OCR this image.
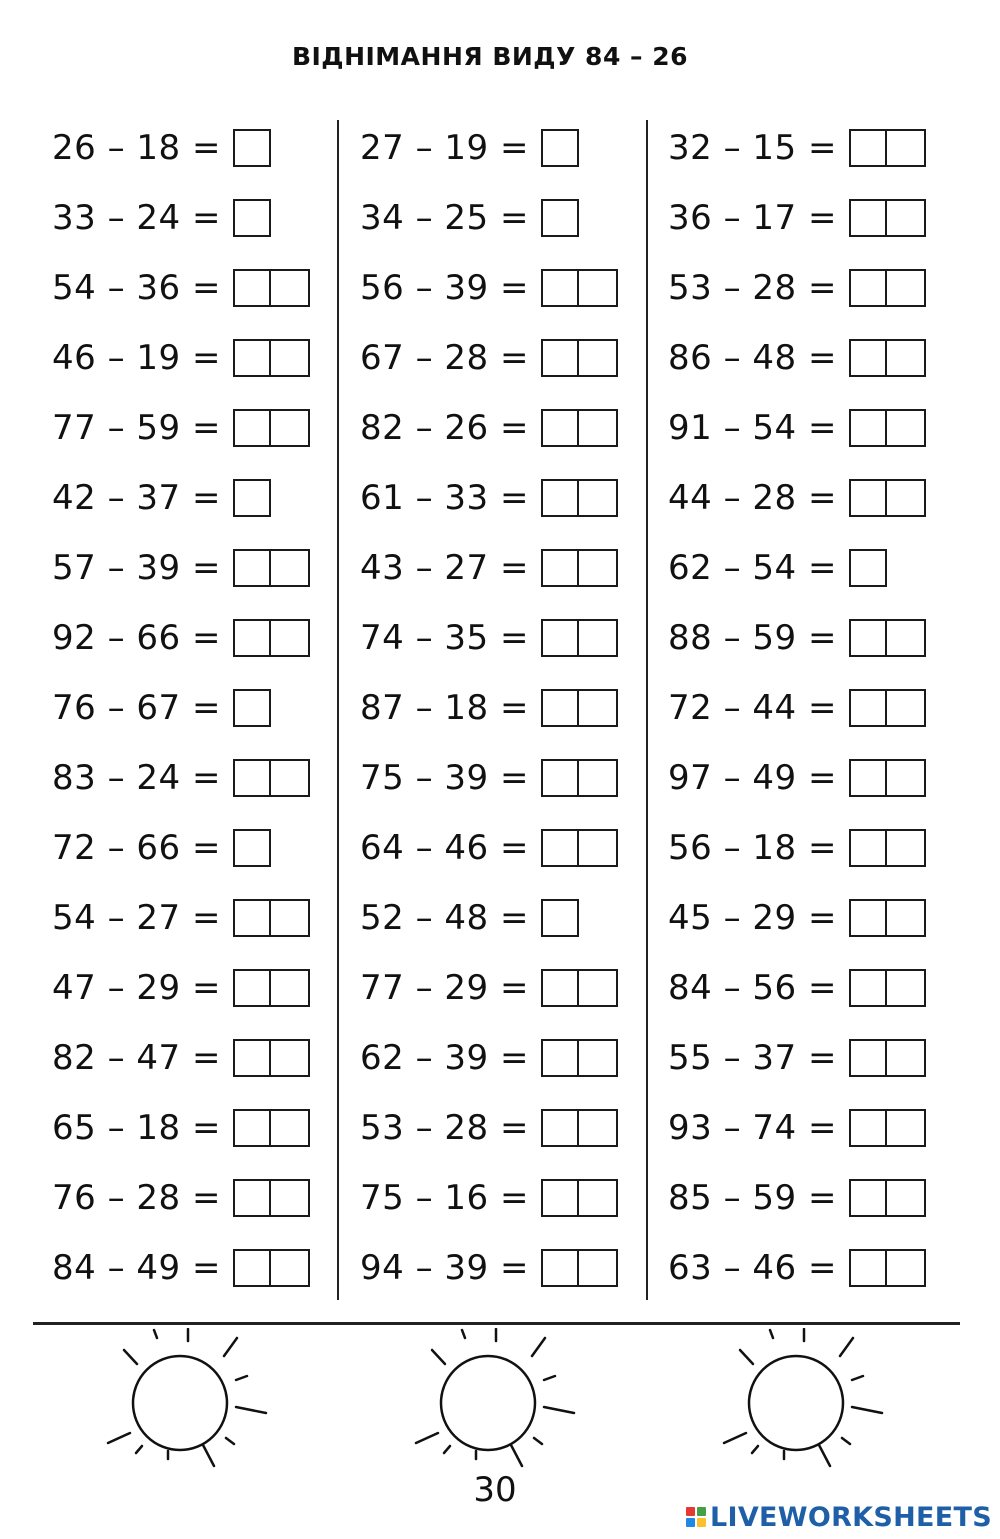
ВІДНІМАННЯ ВИДУ 84 – 26
26 – 18 =
33 – 24 =
54 – 36 =
46 – 19 =
77 – 59 =
42 – 37 =
57 – 39 =
92 – 66 =
76 – 67 =
83 – 24 =
72 – 66 =
54 – 27 =
47 – 29 =
82 – 47 =
65 – 18 =
76 – 28 =
84 – 49 =
27 – 19 =
34 – 25 =
56 – 39 =
67 – 28 =
82 – 26 =
61 – 33 =
43 – 27 =
74 – 35 =
87 – 18 =
75 – 39 =
64 – 46 =
52 – 48 =
77 – 29 =
62 – 39 =
53 – 28 =
75 – 16 =
94 – 39 =
32 – 15 =
36 – 17 =
53 – 28 =
86 – 48 =
91 – 54 =
44 – 28 =
62 – 54 =
88 – 59 =
72 – 44 =
97 – 49 =
56 – 18 =
45 – 29 =
84 – 56 =
55 – 37 =
93 – 74 =
85 – 59 =
63 – 46 =
30
LIVEWORKSHEETS
